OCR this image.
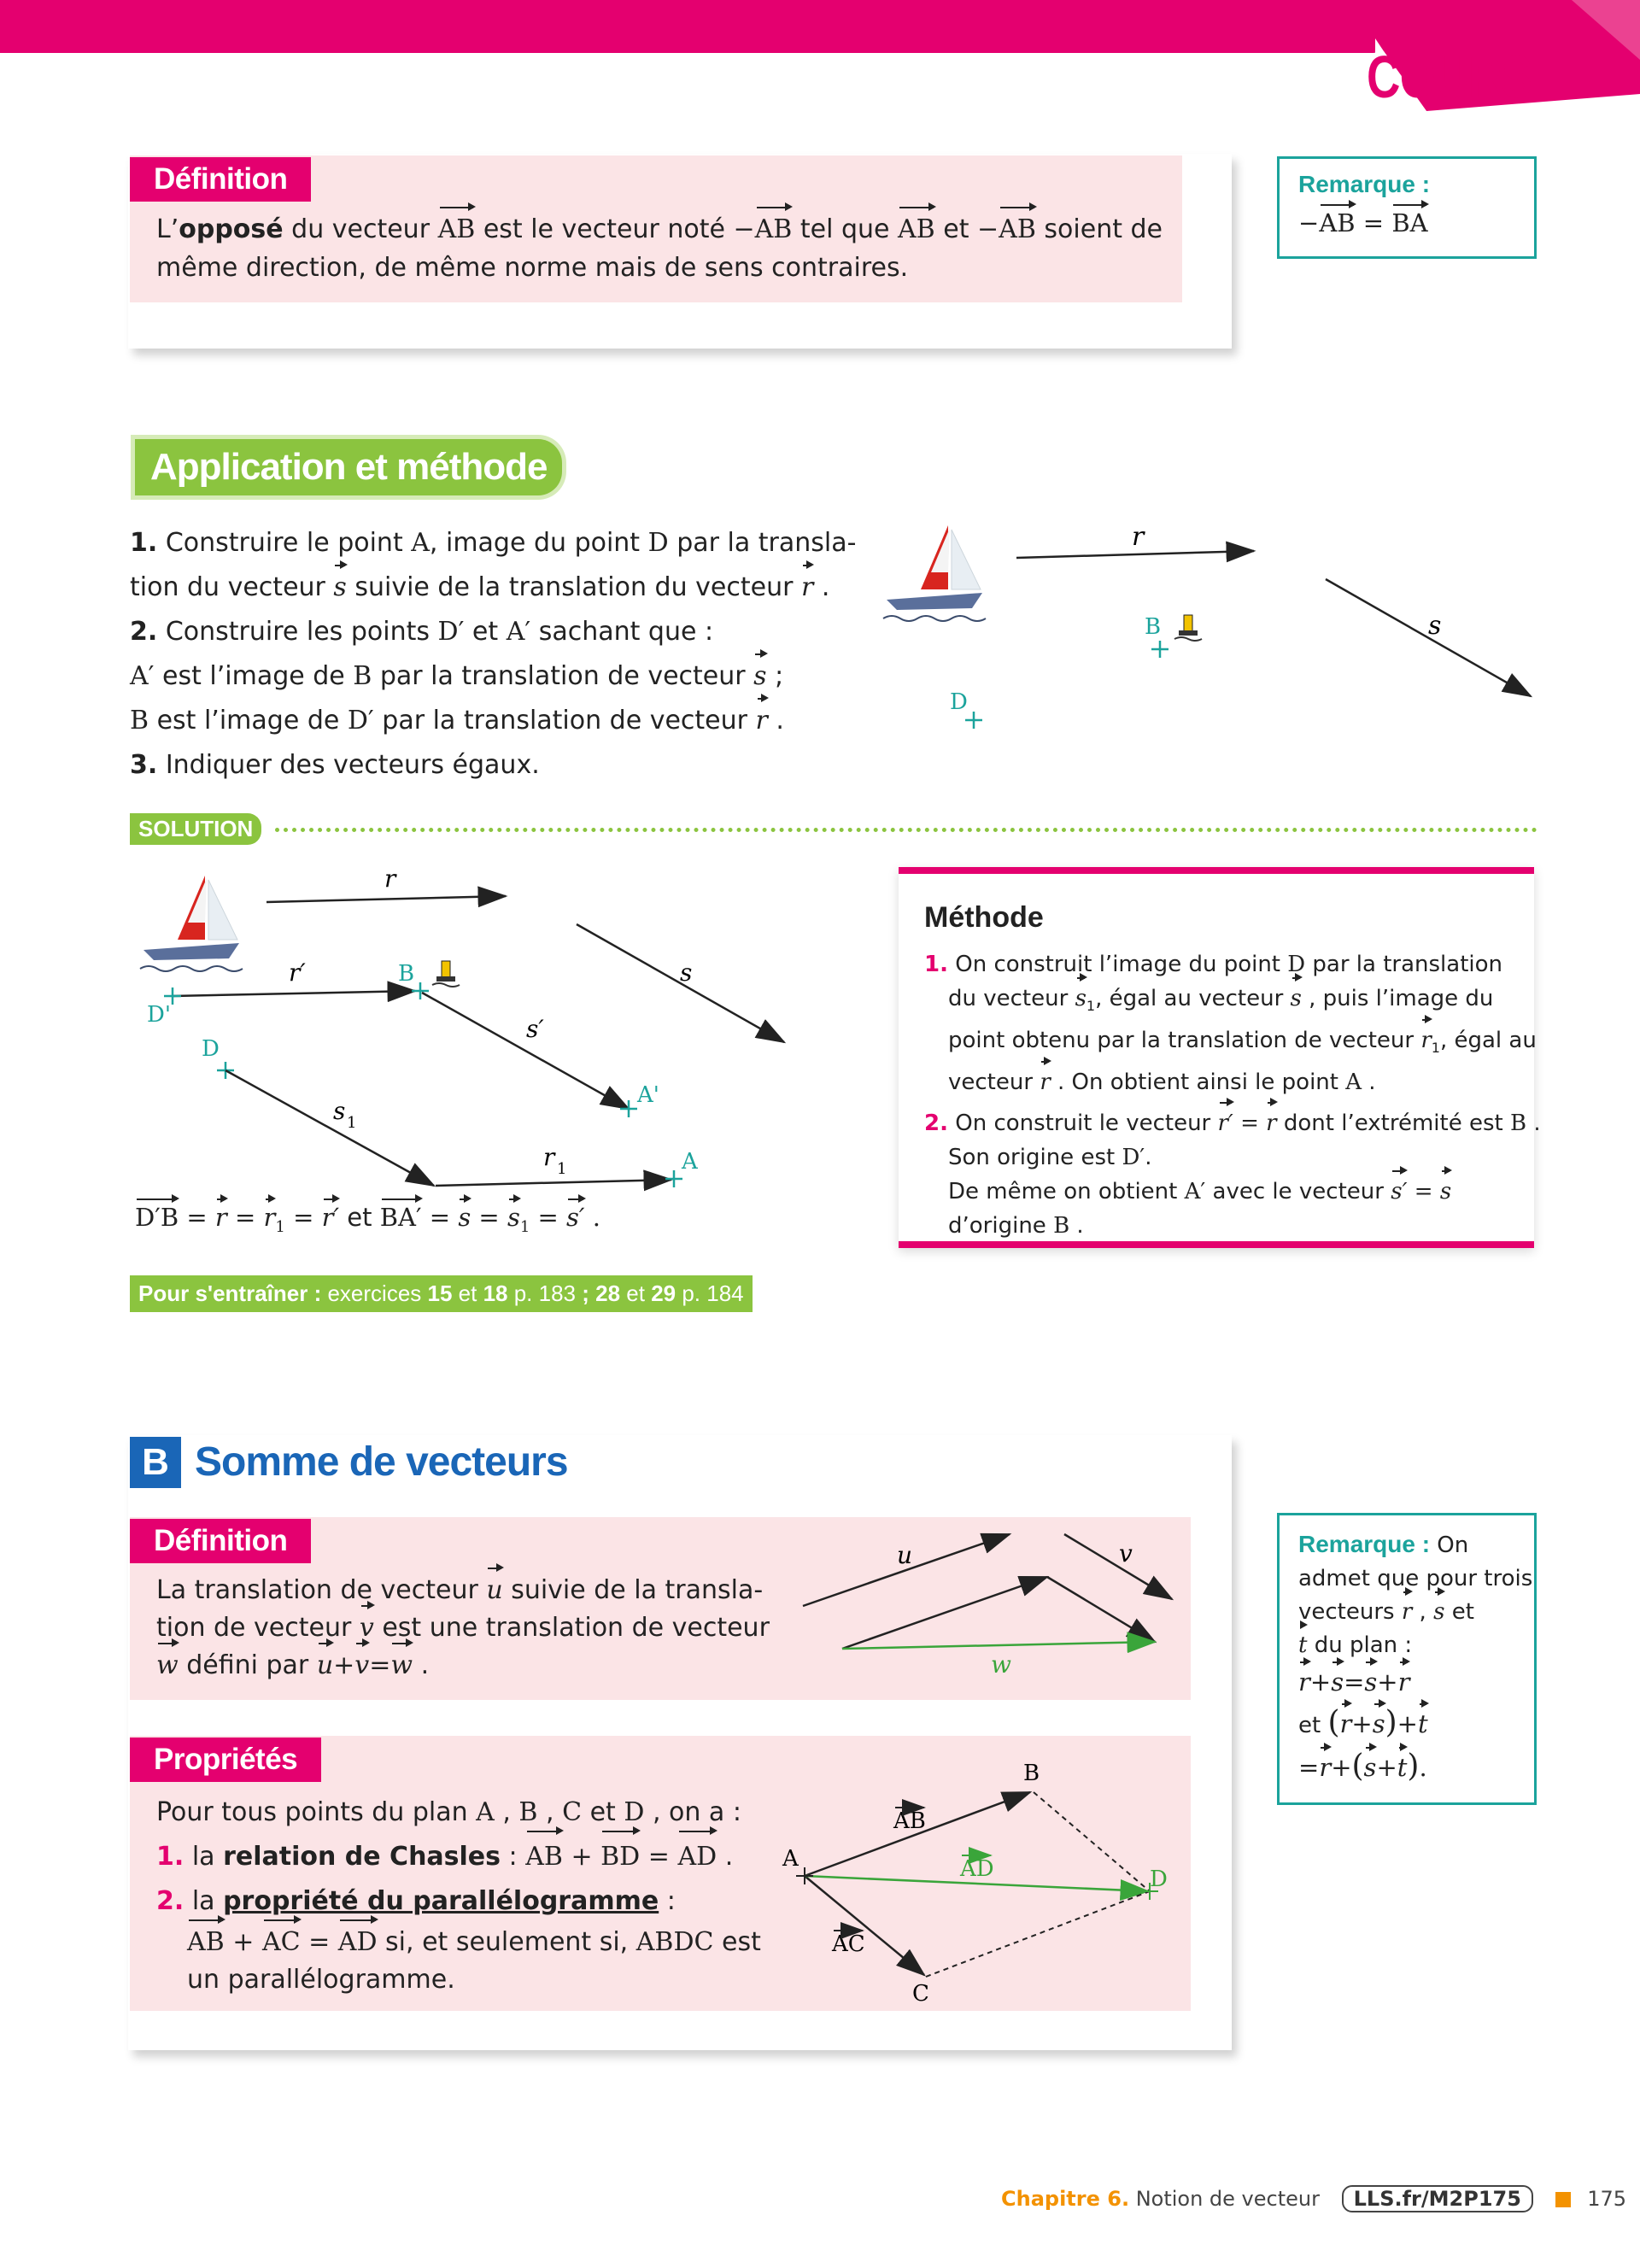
COURS
Définition
L’opposé du vecteur AB est le vecteur noté −AB tel que AB et −AB soient de
même direction, de même norme mais de sens contraires.
Remarque :
−AB = BA
Application et méthode
1. Construire le point A, image du point D par la transla-
tion du vecteur s suivie de la translation du vecteur r .
2. Construire les points D′ et A′ sachant que :
A′ est l’image de B par la translation de vecteur s ;
B est l’image de D′ par la translation de vecteur r .
3. Indiquer des vecteurs égaux.
r
s
B
D
SOLUTION
r
s
r′	B
D'	s′
A'
D
s 1
r 1	A
$D'B = r = r_1 = r'$ et $BA' = s = s_1 = s'$ .
Pour s'entraîner : exercices 15 et 18 p. 183 ; 28 et 29 p. 184
Méthode
1. On construit l’image du point D par la translation
du vecteur $s_1$, égal au vecteur s , puis l’image du
point obtenu par la translation de vecteur $r_1$, égal au
vecteur r . On obtient ainsi le point A .
2. On construit le vecteur r′ = r dont l’extrémité est B .
Son origine est D′.
De même on obtient A′ avec le vecteur s′ = s
d’origine B .
B Somme de vecteurs
Définition
La translation de vecteur u suivie de la transla-
tion de vecteur v est une translation de vecteur
w défini par u+v=w .
u	v
w
Remarque : On
admet que pour trois
vecteurs r , s et
t du plan :
r+s=s+r
et (r+s)+t
=r+(s+t).
Propriétés
Pour tous points du plan A , B , C et D , on a :
1. la relation de Chasles : AB + BD = AD .
2. la propriété du parallélogramme :
AB + AC = AD si, et seulement si, ABDC est
un parallélogramme.
A
B
C
D
AB
AC
AD
Chapitre 6. Notion de vecteur LLS.fr/M2P175	175
